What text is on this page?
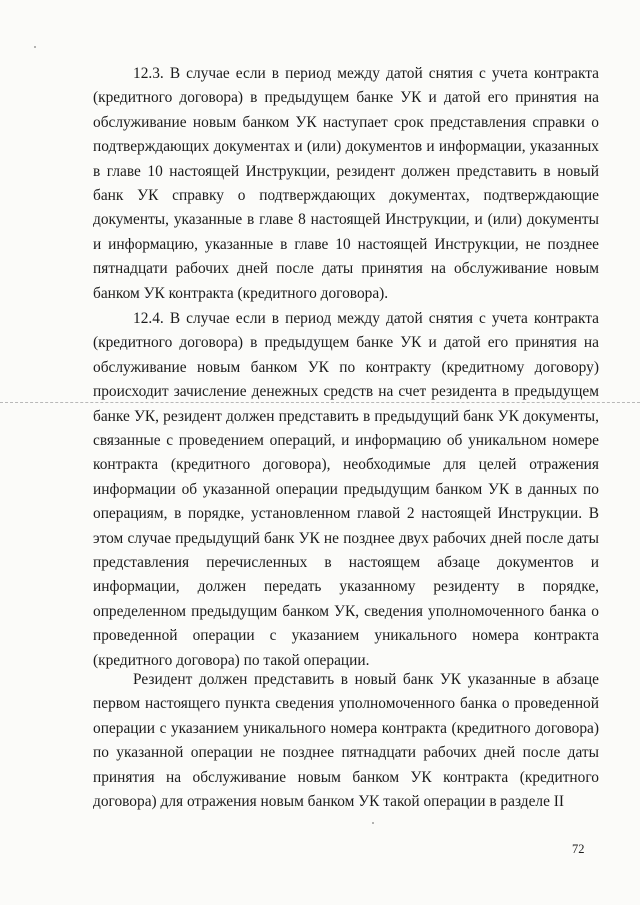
12.3. В случае если в период между датой снятия с учета контракта (кредитного договора) в предыдущем банке УК и датой его принятия на обслуживание новым банком УК наступает срок представления справки о подтверждающих документах и (или) документов и информации, указанных в главе 10 настоящей Инструкции, резидент должен представить в новый банк УК справку о подтверждающих документах, подтверждающие документы, указанные в главе 8 настоящей Инструкции, и (или) документы и информацию, указанные в главе 10 настоящей Инструкции, не позднее пятнадцати рабочих дней после даты принятия на обслуживание новым банком УК контракта (кредитного договора).

12.4. В случае если в период между датой снятия с учета контракта (кредитного договора) в предыдущем банке УК и датой его принятия на обслуживание новым банком УК по контракту (кредитному договору) происходит зачисление денежных средств на счет резидента в предыдущем банке УК, резидент должен представить в предыдущий банк УК документы, связанные с проведением операций, и информацию об уникальном номере контракта (кредитного договора), необходимые для целей отражения информации об указанной операции предыдущим банком УК в данных по операциям, в порядке, установленном главой 2 настоящей Инструкции. В этом случае предыдущий банк УК не позднее двух рабочих дней после даты представления перечисленных в настоящем абзаце документов и информации, должен передать указанному резиденту в порядке, определенном предыдущим банком УК, сведения уполномоченного банка о проведенной операции с указанием уникального номера контракта (кредитного договора) по такой операции.

Резидент должен представить в новый банк УК указанные в абзаце первом настоящего пункта сведения уполномоченного банка о проведенной операции с указанием уникального номера контракта (кредитного договора) по указанной операции не позднее пятнадцати рабочих дней после даты принятия на обслуживание новым банком УК контракта (кредитного договора) для отражения новым банком УК такой операции в разделе II

72
